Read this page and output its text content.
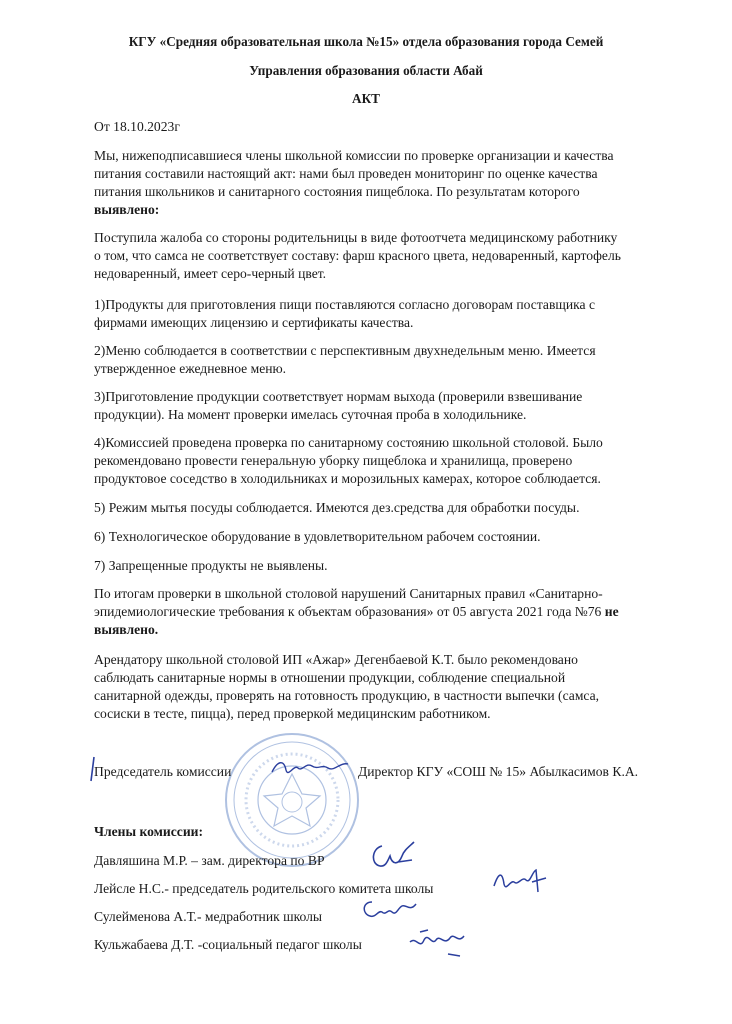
КГУ «Средняя образовательная школа №15» отдела образования города Семей
Управления образования области Абай
АКТ
От 18.10.2023г
Мы, нижеподписавшиеся члены школьной комиссии по проверке организации и качества
питания составили настоящий акт: нами был проведен мониторинг по оценке качества
питания школьников и санитарного состояния пищеблока. По результатам которого
выявлено:
Поступила жалоба со стороны родительницы в виде фотоотчета медицинскому работнику
о том, что самса не соответствует составу: фарш красного цвета, недоваренный, картофель
недоваренный, имеет серо-черный цвет.
1)Продукты для приготовления пищи поставляются согласно договорам поставщика с
фирмами имеющих лицензию и сертификаты качества.
2)Меню соблюдается в соответствии с перспективным двухнедельным меню. Имеется
утвержденное ежедневное меню.
3)Приготовление продукции соответствует нормам выхода (проверили взвешивание
продукции). На момент проверки имелась суточная проба в холодильнике.
4)Комиссией проведена проверка по санитарному состоянию школьной столовой. Было
рекомендовано провести генеральную уборку пищеблока и хранилища, проверено
продуктовое соседство в холодильниках и морозильных камерах, которое соблюдается.
5) Режим мытья посуды соблюдается. Имеются дез.средства для обработки посуды.
6) Технологическое оборудование в удовлетворительном рабочем состоянии.
7) Запрещенные продукты не выявлены.
По итогам проверки в школьной столовой нарушений Санитарных правил «Санитарно-
эпидемиологические требования к объектам образования» от 05 августа 2021 года №76 не
выявлено.
Арендатору школьной столовой ИП «Ажар» Дегенбаевой К.Т. было рекомендовано
саблюдать санитарные нормы в отношении продукции, соблюдение специальной
санитарной одежды, проверять на готовность продукцию, в частности выпечки (самса,
сосиски в тесте, пицца), перед проверкой медицинским работником.
Председатель комиссии	Директор КГУ «СОШ № 15» Абылкасимов К.А.
Члены комиссии:
Давляшина М.Р. – зам. директора по ВР
Лейсле Н.С.- председатель родительского комитета школы
Сулейменова А.Т.- медработник школы
Кульжабаева Д.Т. -социальный педагог школы
